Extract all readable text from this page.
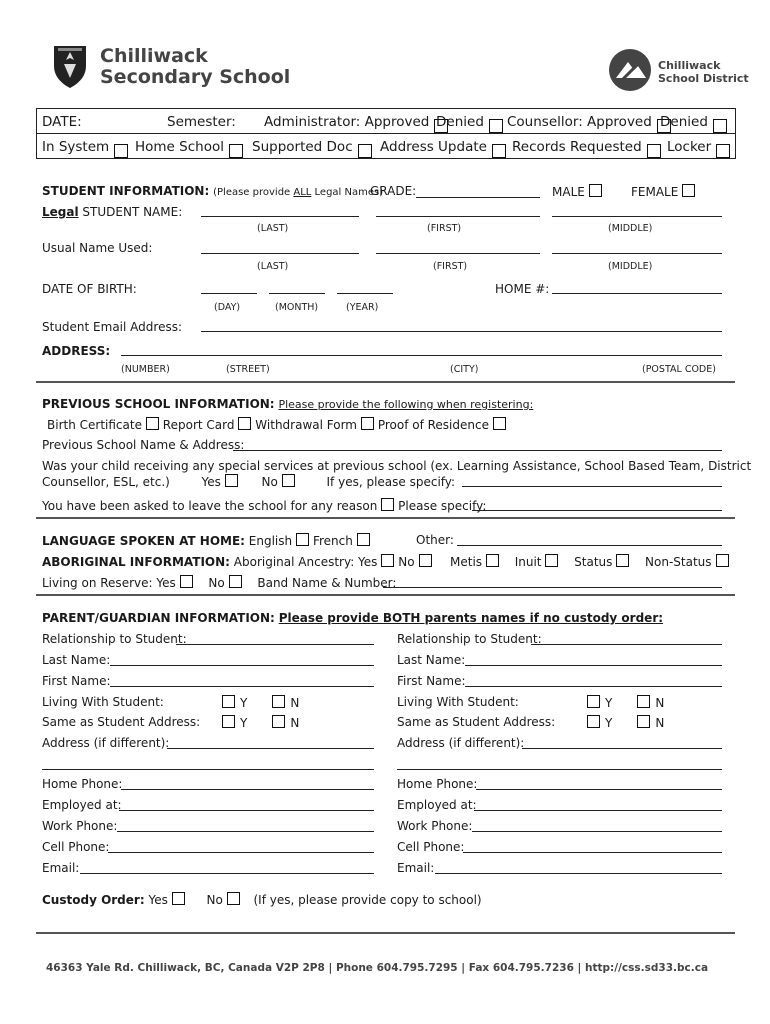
Chilliwack
Secondary School
Chilliwack
School District
DATE:	Semester: Administrator: Approved Denied Counsellor: Approved Denied
In System Home School Supported Doc Address Update Records Requested Locker
STUDENT INFORMATION: (Please provide ALL Legal Names)
GRADE:	MALE	FEMALE
Legal STUDENT NAME:
(LAST)	(FIRST)	(MIDDLE)
Usual Name Used:
(LAST)	(FIRST)	(MIDDLE)
DATE OF BIRTH:
(DAY)	(MONTH)	(YEAR)
HOME #:
Student Email Address:
ADDRESS:
(NUMBER)	(STREET)	(CITY)	(POSTAL CODE)
PREVIOUS SCHOOL INFORMATION: Please provide the following when registering:
Birth Certificate Report Card Withdrawal Form Proof of Residence
Previous School Name & Address:
Was your child receiving any special services at previous school (ex. Learning Assistance, School Based Team, District
Counsellor, ESL, etc.)	Yes	No	If yes, please specify:
You have been asked to leave the school for any reason Please specify:
LANGUAGE SPOKEN AT HOME: English French	Other:
ABORIGINAL INFORMATION: Aboriginal Ancestry: Yes No	Metis	Inuit	Status	Non-Status
Living on Reserve: Yes	No	Band Name & Number:
PARENT/GUARDIAN INFORMATION: Please provide BOTH parents names if no custody order:
Relationship to Student:
Last Name:
First Name:
Living With Student:	Y	N
Same as Student Address:	Y	N
Address (if different):
Home Phone:
Employed at:
Work Phone:
Cell Phone:
Email:
Relationship to Student:
Last Name:
First Name:
Living With Student:	Y	N
Same as Student Address:	Y	N
Address (if different):
Home Phone:
Employed at:
Work Phone:
Cell Phone:
Email:
Custody Order: Yes	No	(If yes, please provide copy to school)
46363 Yale Rd. Chilliwack, BC, Canada V2P 2P8 | Phone 604.795.7295 | Fax 604.795.7236 | http://css.sd33.bc.ca
